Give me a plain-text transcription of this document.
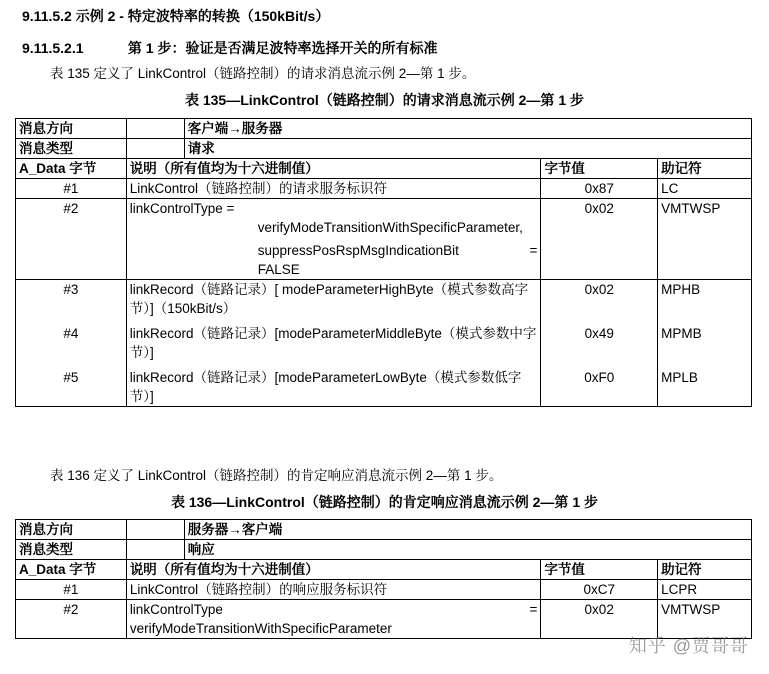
9.11.5.2 示例 2 - 特定波特率的转换（150kBit/s）
9.11.5.2.1	第 1 步：验证是否满足波特率选择开关的所有标准
表 135 定义了 LinkControl（链路控制）的请求消息流示例 2—第 1 步。
表 135—LinkControl（链路控制）的请求消息流示例 2—第 1 步
消息方向		客户端→服务器		
消息类型		请求		
A_Data 字节	说明（所有值均为十六进制值）		字节值	助记符
#1	LinkControl（链路控制）的请求服务标识符		0x87	LC
#2	linkControlType =
verifyModeTransitionWithSpecificParameter,
suppressPosRspMsgIndicationBit =
FALSE		0x02	VMTWSP
#3	linkRecord（链路记录）[ modeParameterHighByte（模式参数高字节）]（150kBit/s）		0x02	MPHB
#4	linkRecord（链路记录）[modeParameterMiddleByte（模式参数中字节）]		0x49	MPMB
#5	linkRecord（链路记录）[modeParameterLowByte（模式参数低字节）]		0xF0	MPLB
表 136 定义了 LinkControl（链路控制）的肯定响应消息流示例 2—第 1 步。
表 136—LinkControl（链路控制）的肯定响应消息流示例 2—第 1 步
消息方向		服务器→客户端		
消息类型		响应		
A_Data 字节	说明（所有值均为十六进制值）		字节值	助记符
#1	LinkControl（链路控制）的响应服务标识符		0xC7	LCPR
#2	linkControlType =
verifyModeTransitionWithSpecificParameter		0x02	VMTWSP
知乎 @贾哥哥
